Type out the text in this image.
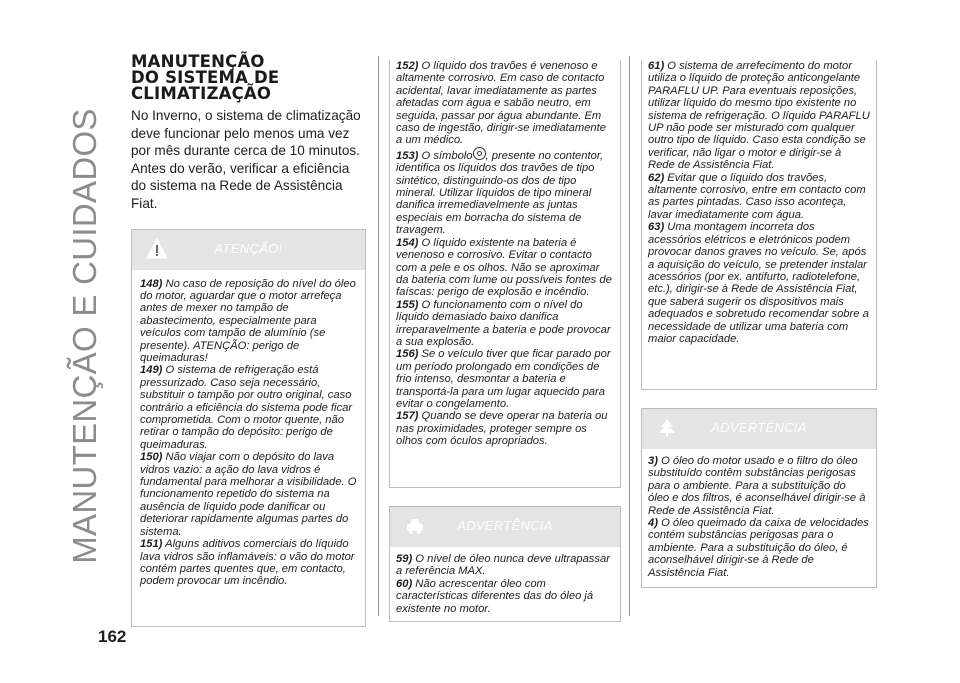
MANUTENÇÃO E CUIDADOS
MANUTENÇÃO
DO SISTEMA DE
CLIMATIZAÇÃO

No Inverno, o sistema de climatização deve funcionar pelo menos uma vez por mês durante cerca de 10 minutos. Antes do verão, verificar a eficiência do sistema na Rede de Assistência Fiat.

ATENÇÃO!

148) No caso de reposição do nível do óleo do motor, aguardar que o motor arrefeça antes de mexer no tampão de abastecimento, especialmente para veículos com tampão de alumínio (se presente). ATENÇÃO: perigo de queimaduras!

149) O sistema de refrigeração está pressurizado. Caso seja necessário, substituir o tampão por outro original, caso contrário a eficiência do sistema pode ficar comprometida. Com o motor quente, não retirar o tampão do depósito: perigo de queimaduras.

150) Não viajar com o depósito do lava vidros vazio: a ação do lava vidros é fundamental para melhorar a visibilidade. O funcionamento repetido do sistema na ausência de líquido pode danificar ou deteriorar rapidamente algumas partes do sistema.

151) Alguns aditivos comerciais do líquido lava vidros são inflamáveis: o vão do motor contém partes quentes que, em contacto, podem provocar um incêndio.

152) O líquido dos travões é venenoso e altamente corrosivo. Em caso de contacto acidental, lavar imediatamente as partes afetadas com água e sabão neutro, em seguida, passar por água abundante. Em caso de ingestão, dirigir-se imediatamente a um médico.

153) O símbolo , presente no contentor, identifica os líquidos dos travões de tipo sintético, distinguindo-os dos de tipo mineral. Utilizar líquidos de tipo mineral danifica irremediavelmente as juntas especiais em borracha do sistema de travagem.

154) O líquido existente na bateria é venenoso e corrosivo. Evitar o contacto com a pele e os olhos. Não se aproximar da bateria com lume ou possíveis fontes de faíscas: perigo de explosão e incêndio.

155) O funcionamento com o nível do líquido demasiado baixo danifica irreparavelmente a bateria e pode provocar a sua explosão.

156) Se o veículo tiver que ficar parado por um período prolongado em condições de frio intenso, desmontar a bateria e transportá-la para um lugar aquecido para evitar o congelamento.

157) Quando se deve operar na bateria ou nas proximidades, proteger sempre os olhos com óculos apropriados.

ADVERTÊNCIA

59) O nível de óleo nunca deve ultrapassar a referência MAX.

60) Não acrescentar óleo com características diferentes das do óleo já existente no motor.

61) O sistema de arrefecimento do motor utiliza o líquido de proteção anticongelante PARAFLU UP. Para eventuais reposições, utilizar líquido do mesmo tipo existente no sistema de refrigeração. O líquido PARAFLU UP não pode ser misturado com qualquer outro tipo de líquido. Caso esta condição se verificar, não ligar o motor e dirigir-se à Rede de Assistência Fiat.

62) Evitar que o líquido dos travões, altamente corrosivo, entre em contacto com as partes pintadas. Caso isso aconteça, lavar imediatamente com água.

63) Uma montagem incorreta dos acessórios elétricos e eletrónicos podem provocar danos graves no veículo. Se, após a aquisição do veículo, se pretender instalar acessórios (por ex. antifurto, radiotelefone, etc.), dirigir-se à Rede de Assistência Fiat, que saberá sugerir os dispositivos mais adequados e sobretudo recomendar sobre a necessidade de utilizar uma bateria com maior capacidade.

ADVERTÊNCIA

3) O óleo do motor usado e o filtro do óleo substituído contêm substâncias perigosas para o ambiente. Para a substituição do óleo e dos filtros, é aconselhável dirigir-se à Rede de Assistência Fiat.

4) O óleo queimado da caixa de velocidades contém substâncias perigosas para o ambiente. Para a substituição do óleo, é aconselhável dirigir-se à Rede de Assistência Fiat.

162
